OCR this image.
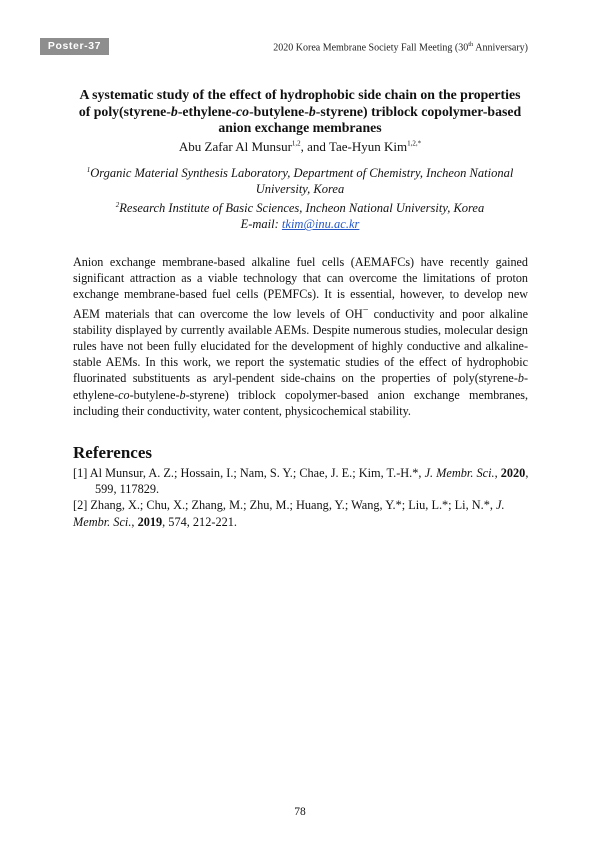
Poster-37	2020 Korea Membrane Society Fall Meeting (30th Anniversary)
A systematic study of the effect of hydrophobic side chain on the properties
of poly(styrene-b-ethylene-co-butylene-b-styrene) triblock copolymer-based
anion exchange membranes
Abu Zafar Al Munsur$^{1,2}$, and Tae-Hyun Kim$^{1,2,*}$

$^1$Organic Material Synthesis Laboratory, Department of Chemistry, Incheon National University, Korea

$^2$Research Institute of Basic Sciences, Incheon National University, Korea

E-mail: tkim@inu.ac.kr

Anion exchange membrane-based alkaline fuel cells (AEMAFCs) have recently gained significant attraction as a viable technology that can overcome the limitations of proton exchange membrane-based fuel cells (PEMFCs). It is essential, however, to develop new AEM materials that can overcome the low levels of OH− conductivity and poor alkaline stability displayed by currently available AEMs. Despite numerous studies, molecular design rules have not been fully elucidated for the development of highly conductive and alkaline-stable AEMs. In this work, we report the systematic studies of the effect of hydrophobic fluorinated substituents as aryl-pendent side-chains on the properties of poly(styrene-b-ethylene-co-butylene-b-styrene) triblock copolymer-based anion exchange membranes, including their conductivity, water content, physicochemical stability.

References

[1] Al Munsur, A. Z.; Hossain, I.; Nam, S. Y.; Chae, J. E.; Kim, T.-H.*, J. Membr. Sci., 2020, 599, 117829.

[2] Zhang, X.; Chu, X.; Zhang, M.; Zhu, M.; Huang, Y.; Wang, Y.*; Liu, L.*; Li, N.*, J. Membr. Sci., 2019, 574, 212-221.

78
